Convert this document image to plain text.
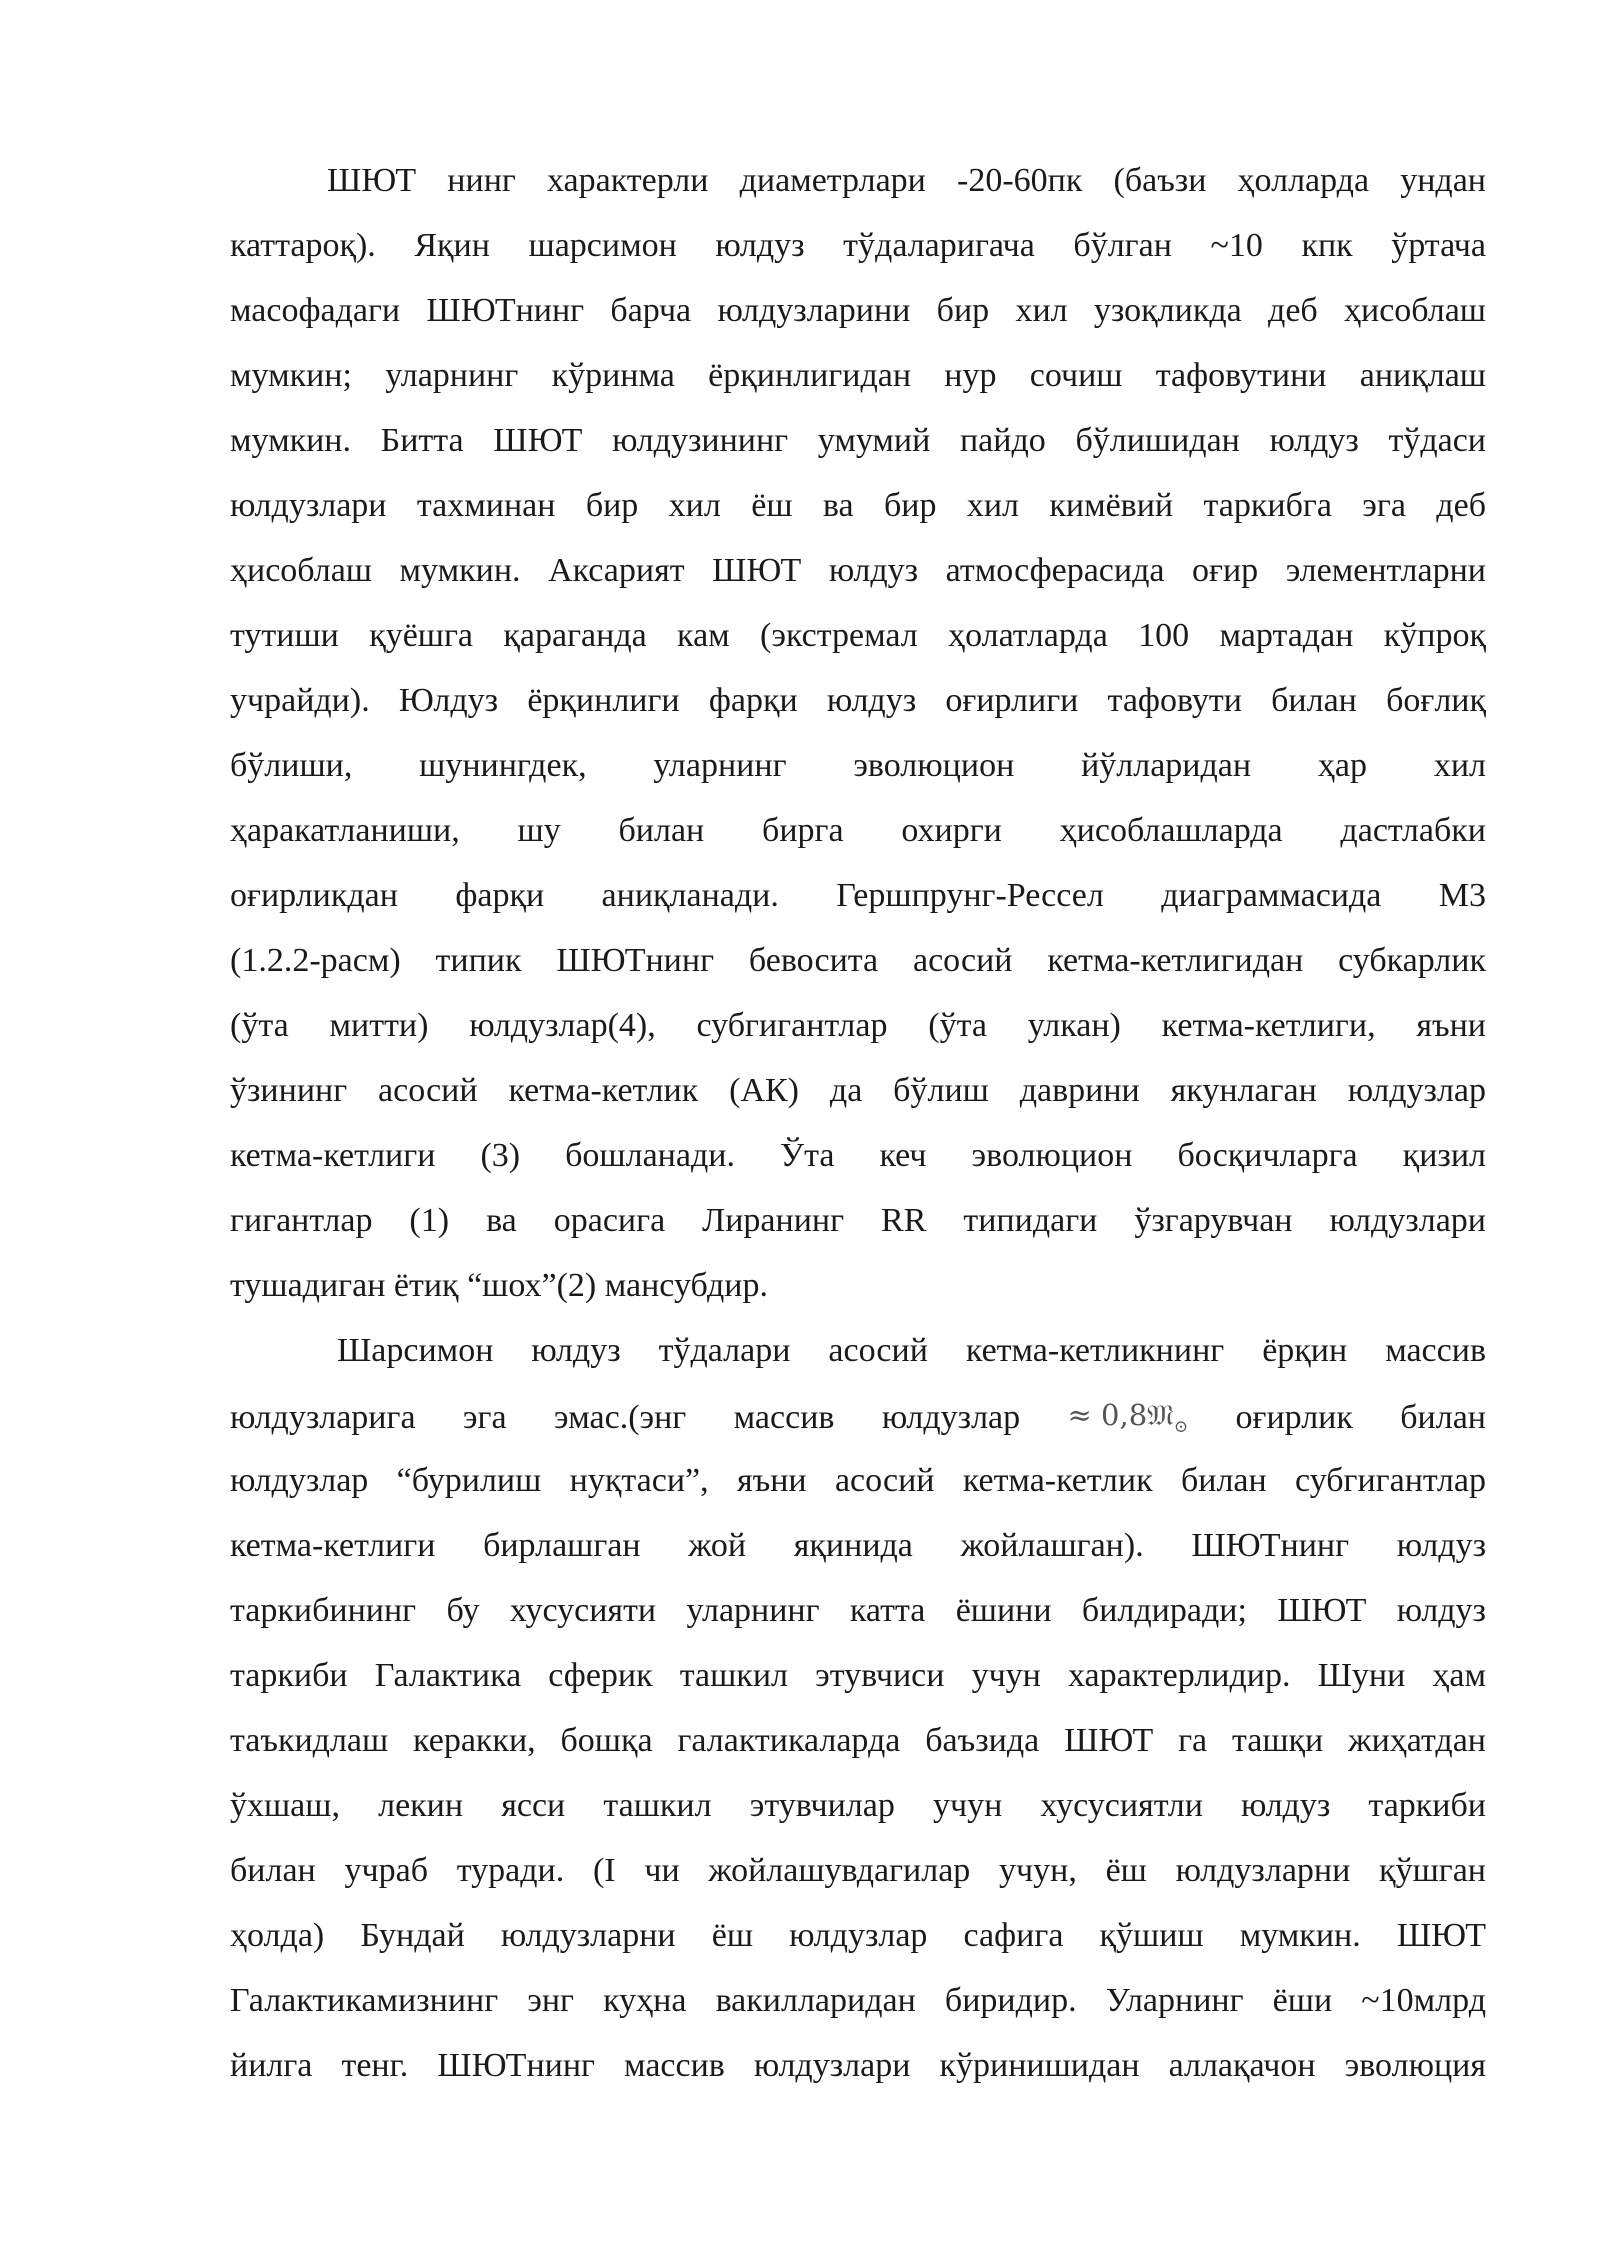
ШЮТ нинг характерли диаметрлари -20-60пк (баъзи ҳолларда ундан
каттароқ). Яқин шарсимон юлдуз тўдаларигача бўлган ~10 кпк ўртача
масофадаги ШЮТнинг барча юлдузларини бир хил узоқликда деб ҳисоблаш
мумкин; уларнинг кўринма ёрқинлигидан нур сочиш тафовутини аниқлаш
мумкин. Битта ШЮТ юлдузининг умумий пайдо бўлишидан юлдуз тўдаси
юлдузлари тахминан бир хил ёш ва бир хил кимёвий таркибга эга деб
ҳисоблаш мумкин. Аксарият ШЮТ юлдуз атмосферасида оғир элементларни
тутиши қуёшга қараганда кам (экстремал ҳолатларда 100 мартадан кўпроқ
учрайди). Юлдуз ёрқинлиги фарқи юлдуз оғирлиги тафовути билан боғлиқ
бўлиши, шунингдек, уларнинг эволюцион йўлларидан ҳар хил
ҳаракатланиши, шу билан бирга охирги ҳисоблашларда дастлабки
оғирликдан фарқи аниқланади. Гершпрунг-Рессел диаграммасида М3
(1.2.2-расм) типик ШЮТнинг бевосита асосий кетма-кетлигидан субкарлик
(ўта митти) юлдузлар(4), субгигантлар (ўта улкан) кетма-кетлиги, яъни
ўзининг асосий кетма-кетлик (АК) да бўлиш даврини якунлаган юлдузлар
кетма-кетлиги (3) бошланади. Ўта кеч эволюцион босқичларга қизил
гигантлар (1) ва орасига Лиранинг RR типидаги ўзгарувчан юлдузлари
тушадиган ётиқ “шох”(2) мансубдир.
Шарсимон юлдуз тўдалари асосий кетма-кетликнинг ёрқин массив
юлдузларига эга эмас.(энг массив юлдузлар ≈ 0,8𝔐$_⊙$ оғирлик билан
юлдузлар “бурилиш нуқтаси”, яъни асосий кетма-кетлик билан субгигантлар
кетма-кетлиги бирлашган жой яқинида жойлашган). ШЮТнинг юлдуз
таркибининг бу хусусияти уларнинг катта ёшини билдиради; ШЮТ юлдуз
таркиби Галактика сферик ташкил этувчиси учун характерлидир. Шуни ҳам
таъкидлаш керакки, бошқа галактикаларда баъзида ШЮТ га ташқи жиҳатдан
ўхшаш, лекин ясси ташкил этувчилар учун хусусиятли юлдуз таркиби
билан учраб туради. (I чи жойлашувдагилар учун, ёш юлдузларни қўшган
ҳолда) Бундай юлдузларни ёш юлдузлар сафига қўшиш мумкин. ШЮТ
Галактикамизнинг энг куҳна вакилларидан биридир. Уларнинг ёши ~10млрд
йилга тенг. ШЮТнинг массив юлдузлари кўринишидан аллақачон эволюция
